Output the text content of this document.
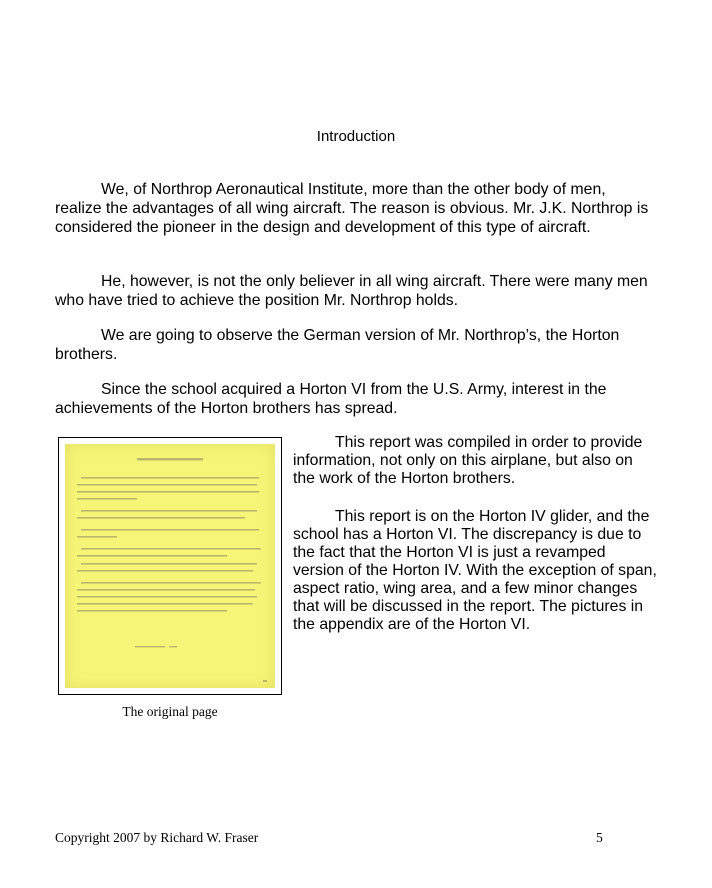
Introduction

We, of Northrop Aeronautical Institute, more than the other body of men, realize the advantages of all wing aircraft. The reason is obvious. Mr. J.K. Northrop is considered the pioneer in the design and development of this type of aircraft.

He, however, is not the only believer in all wing aircraft. There were many men who have tried to achieve the position Mr. Northrop holds.

We are going to observe the German version of Mr. Northrop’s, the Horton brothers.

Since the school acquired a Horton VI from the U.S. Army, interest in the achievements of the Horton brothers has spread.

The original page

This report was compiled in order to provide information, not only on this airplane, but also on the work of the Horton brothers.

This report is on the Horton IV glider, and the school has a Horton VI. The discrepancy is due to the fact that the Horton VI is just a revamped version of the Horton IV. With the exception of span, aspect ratio, wing area, and a few minor changes that will be discussed in the report. The pictures in the appendix are of the Horton VI.

Copyright 2007 by Richard W. Fraser	5
